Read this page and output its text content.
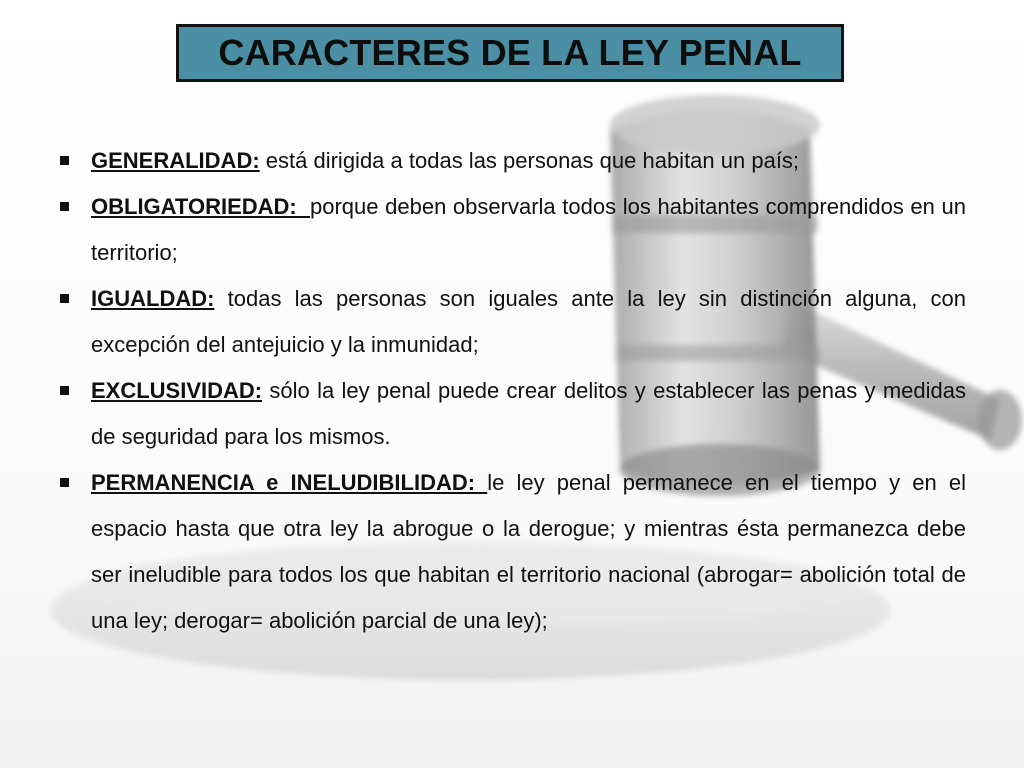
CARACTERES DE LA LEY PENAL
GENERALIDAD: está dirigida a todas las personas que habitan un país;
OBLIGATORIEDAD:  porque deben observarla todos los habitantes comprendidos en un territorio;
IGUALDAD: todas las personas son iguales ante la ley sin distinción alguna, con excepción del antejuicio y la inmunidad;
EXCLUSIVIDAD: sólo la ley penal puede crear delitos y establecer las penas y medidas de seguridad para los mismos.
PERMANENCIA e INELUDIBILIDAD: le ley penal permanece en el tiempo y en el espacio hasta que otra ley la abrogue o la derogue; y mientras ésta permanezca debe ser ineludible para todos los que habitan el territorio nacional (abrogar= abolición total de una ley; derogar= abolición parcial de una ley);
